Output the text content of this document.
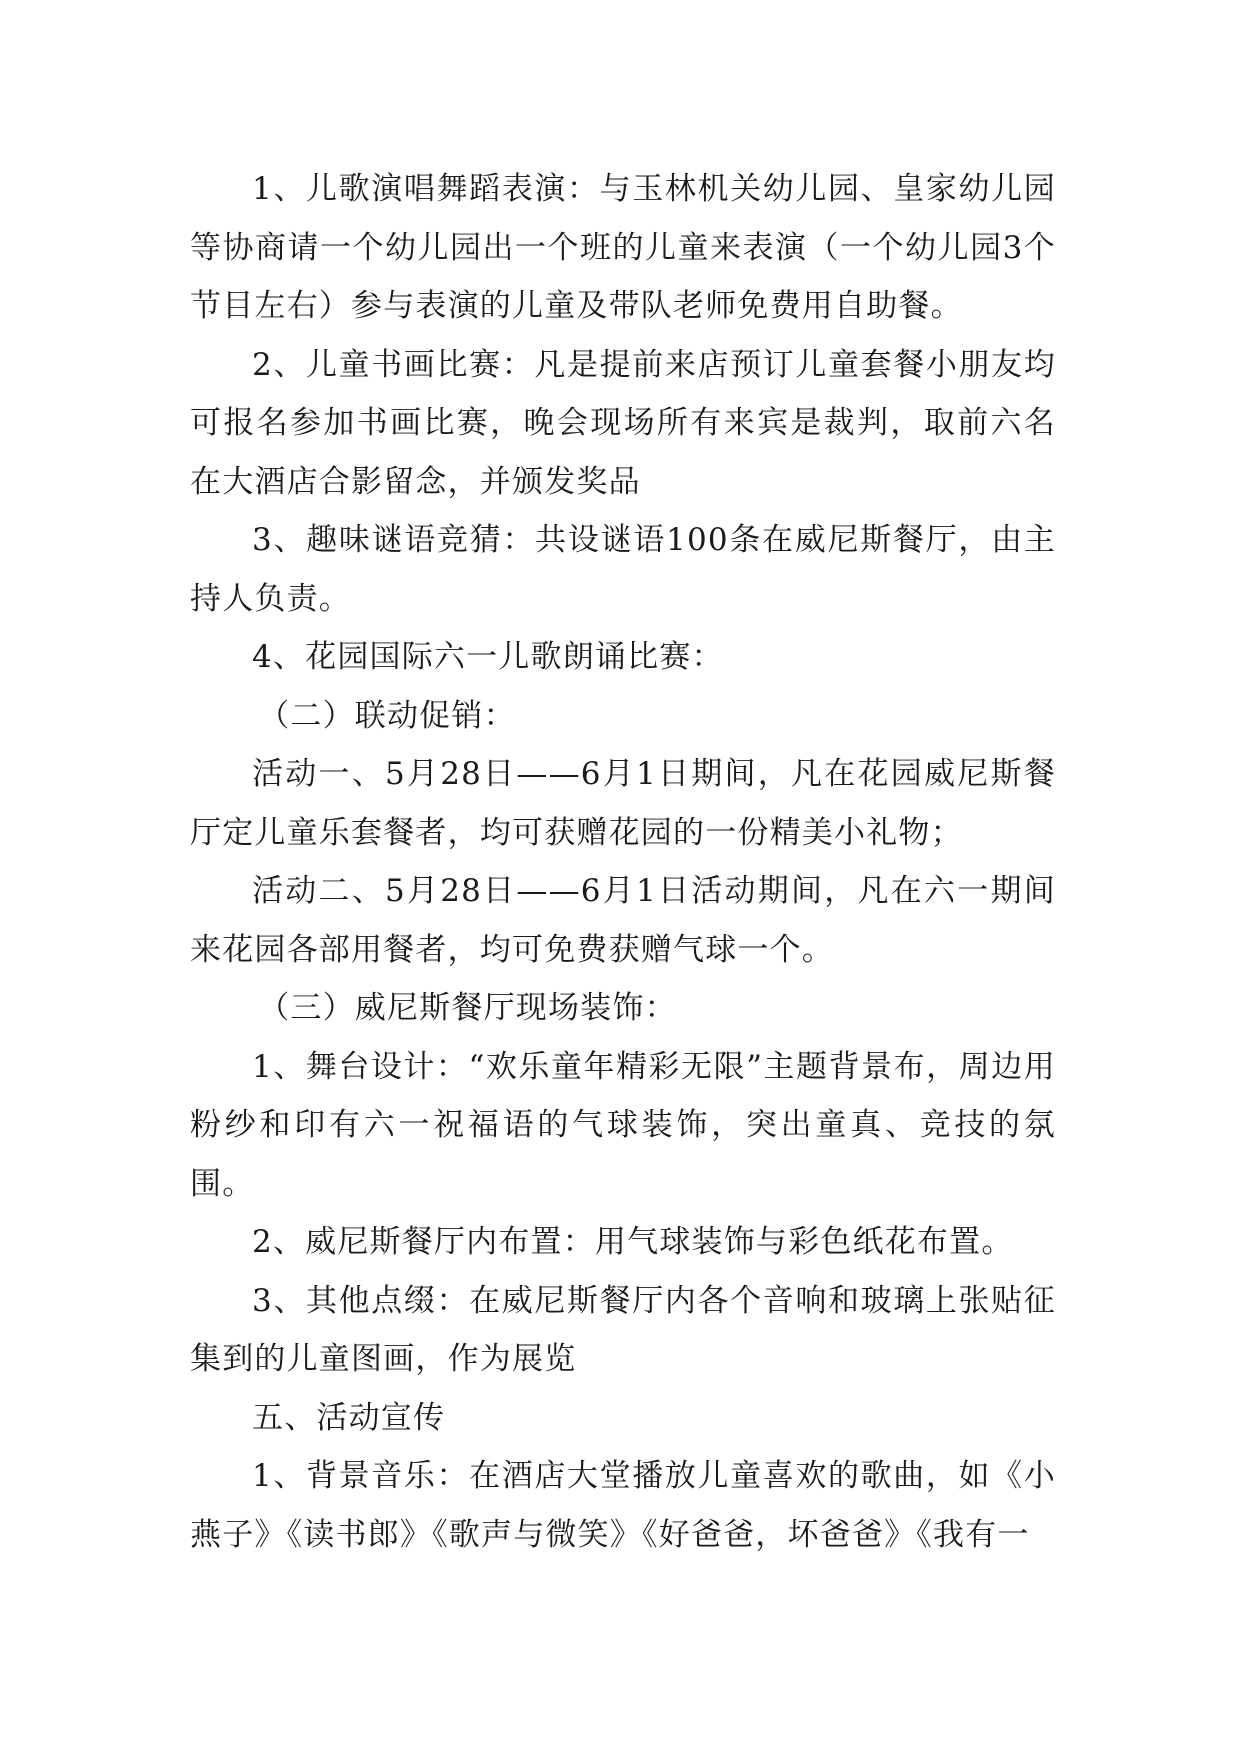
1、儿歌演唱舞蹈表演：与玉林机关幼儿园、皇家幼儿园等协商请一个幼儿园出一个班的儿童来表演（一个幼儿园3个节目左右）参与表演的儿童及带队老师免费用自助餐。

2、儿童书画比赛：凡是提前来店预订儿童套餐小朋友均可报名参加书画比赛，晚会现场所有来宾是裁判，取前六名在大酒店合影留念，并颁发奖品

3、趣味谜语竞猜：共设谜语100条在威尼斯餐厅，由主持人负责。

4、花园国际六一儿歌朗诵比赛：

（二）联动促销：

活动一、5月28日——6月1日期间，凡在花园威尼斯餐厅定儿童乐套餐者，均可获赠花园的一份精美小礼物；

活动二、5月28日——6月1日活动期间，凡在六一期间来花园各部用餐者，均可免费获赠气球一个。

（三）威尼斯餐厅现场装饰：

1、舞台设计：“欢乐童年精彩无限”主题背景布，周边用粉纱和印有六一祝福语的气球装饰，突出童真、竞技的氛围。

2、威尼斯餐厅内布置：用气球装饰与彩色纸花布置。

3、其他点缀：在威尼斯餐厅内各个音响和玻璃上张贴征集到的儿童图画，作为展览

五、活动宣传

1、背景音乐：在酒店大堂播放儿童喜欢的歌曲，如《小燕子》《读书郎》《歌声与微笑》《好爸爸，坏爸爸》《我有一
